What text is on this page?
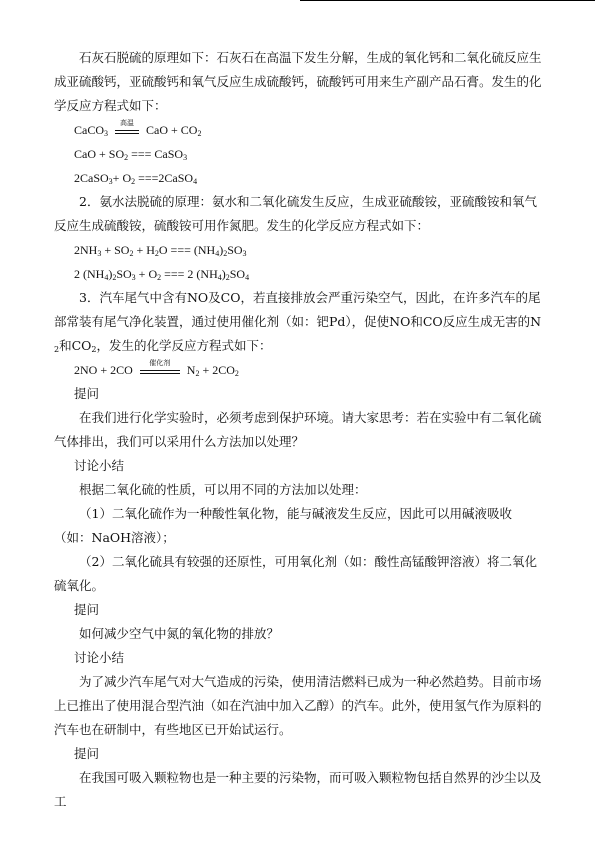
石灰石脱硫的原理如下：石灰石在高温下发生分解，生成的氧化钙和二氧化硫反应生成亚硫酸钙，亚硫酸钙和氧气反应生成硫酸钙，硫酸钙可用来生产副产品石膏。发生的化学反应方程式如下：

CaCO$_3$
高温	CaO + $CO_2$

CaO + $SO_2$ === CaSO$_3$

2CaSO$_3$+ $O_2$ ===2CaSO$_4$

2．氨水法脱硫的原理：氨水和二氧化硫发生反应，生成亚硫酸铵，亚硫酸铵和氧气反应生成硫酸铵，硫酸铵可用作氮肥。发生的化学反应方程式如下：

$2NH_3 + SO_2 + H_2O$ === $(NH_4)_2SO_3$

2 $(NH_4)_2SO_3 + O_2$ === 2 $(NH_4)_2SO_4$

3．汽车尾气中含有NO及CO，若直接排放会严重污染空气，因此，在许多汽车的尾部常装有尾气净化装置，通过使用催化剂（如：钯Pd），促使NO和CO反应生成无害的$N_2$和$CO_2$，发生的化学反应方程式如下：

2NO + 2CO	催化剂	$N_2 + 2CO_2$

提问

在我们进行化学实验时，必须考虑到保护环境。请大家思考：若在实验中有二氧化硫气体排出，我们可以采用什么方法加以处理？

讨论小结

根据二氧化硫的性质，可以用不同的方法加以处理：

（1）二氧化硫作为一种酸性氧化物，能与碱液发生反应，因此可以用碱液吸收（如：NaOH溶液）；

（2）二氧化硫具有较强的还原性，可用氧化剂（如：酸性高锰酸钾溶液）将二氧化硫氧化。

提问

如何减少空气中氮的氧化物的排放？

讨论小结

为了减少汽车尾气对大气造成的污染，使用清洁燃料已成为一种必然趋势。目前市场上已推出了使用混合型汽油（如在汽油中加入乙醇）的汽车。此外，使用氢气作为原料的汽车也在研制中，有些地区已开始试运行。

提问

在我国可吸入颗粒物也是一种主要的污染物，而可吸入颗粒物包括自然界的沙尘以及工
